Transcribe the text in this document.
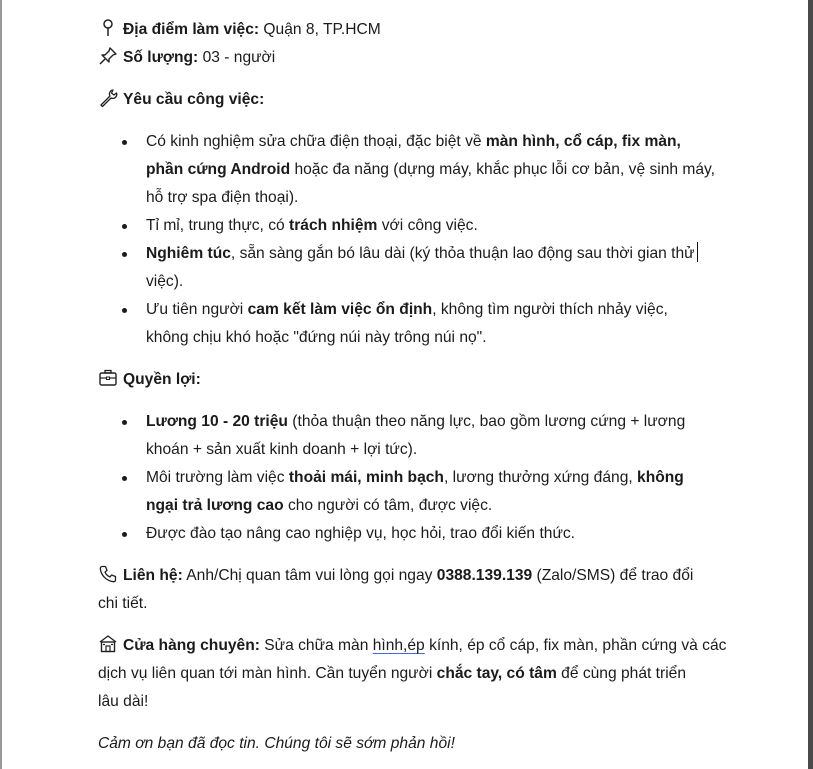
Địa điểm làm việc: Quận 8, TP.HCM
Số lượng: 03 - người
Yêu cầu công việc:
Có kinh nghiệm sửa chữa điện thoại, đặc biệt về màn hình, cổ cáp, fix màn,
phần cứng Android hoặc đa năng (dựng máy, khắc phục lỗi cơ bản, vệ sinh máy,
hỗ trợ spa điện thoại).
Tỉ mỉ, trung thực, có trách nhiệm với công việc.
Nghiêm túc, sẵn sàng gắn bó lâu dài (ký thỏa thuận lao động sau thời gian thử
việc).
Ưu tiên người cam kết làm việc ổn định, không tìm người thích nhảy việc,
không chịu khó hoặc "đứng núi này trông núi nọ".
Quyền lợi:
Lương 10 - 20 triệu (thỏa thuận theo năng lực, bao gồm lương cứng + lương
khoán + sản xuất kinh doanh + lợi tức).
Môi trường làm việc thoải mái, minh bạch, lương thưởng xứng đáng, không
ngại trả lương cao cho người có tâm, được việc.
Được đào tạo nâng cao nghiệp vụ, học hỏi, trao đổi kiến thức.
Liên hệ: Anh/Chị quan tâm vui lòng gọi ngay 0388.139.139 (Zalo/SMS) để trao đổi
chi tiết.
Cửa hàng chuyên: Sửa chữa màn hình,ép kính, ép cổ cáp, fix màn, phần cứng và các
dịch vụ liên quan tới màn hình. Cần tuyển người chắc tay, có tâm để cùng phát triển
lâu dài!
Cảm ơn bạn đã đọc tin. Chúng tôi sẽ sớm phản hồi!
